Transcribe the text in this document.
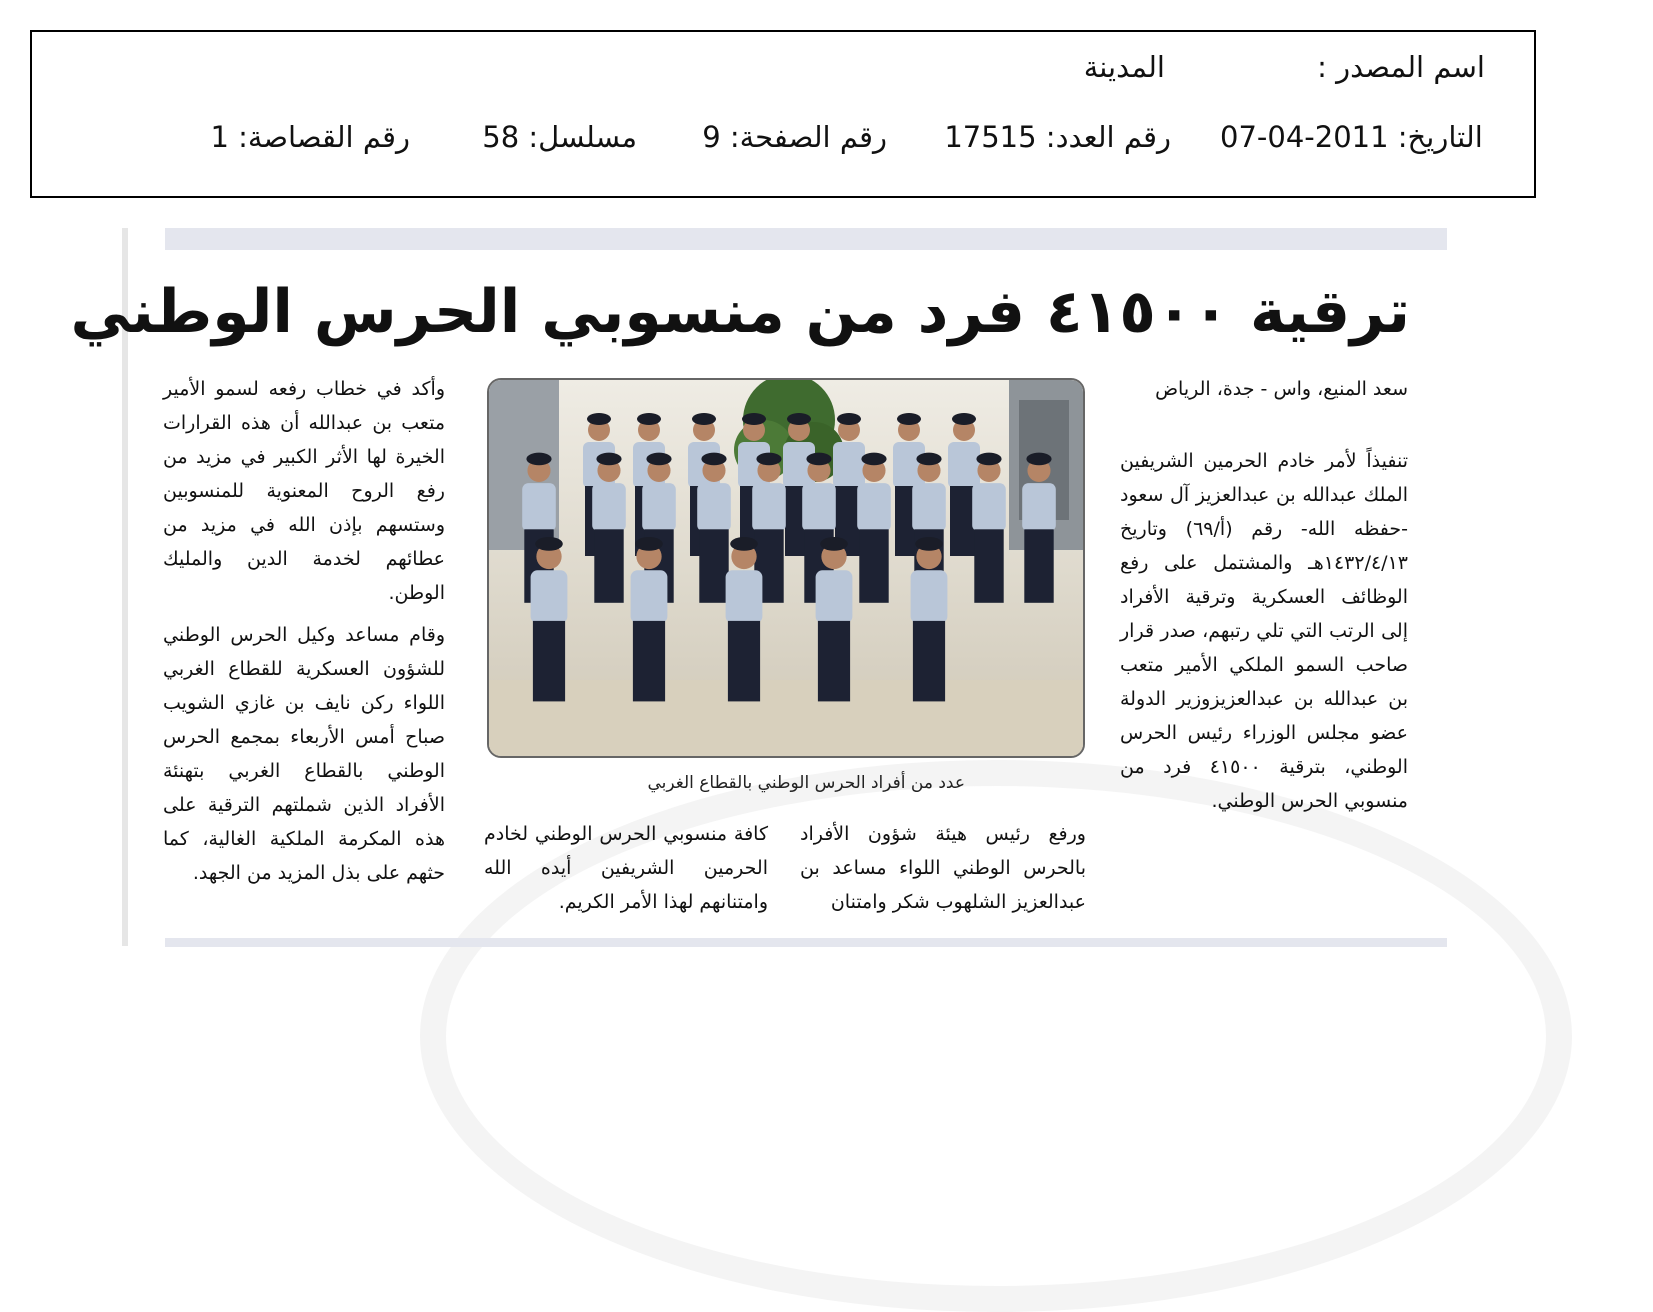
اسم المصدر :
المدينة
التاريخ: 2011-04-07
رقم العدد: 17515
رقم الصفحة: 9
مسلسل: 58
رقم القصاصة: 1
ترقية ٤١٥٠٠ فرد من منسوبي الحرس الوطني

سعد المنيع، واس - جدة، الرياض

تنفيذاً لأمر خادم الحرمين الشريفين الملك عبدالله بن عبدالعزيز آل سعود -حفظه الله- رقم (أ/٦٩) وتاريخ ١٤٣٢/٤/١٣هـ والمشتمل على رفع الوظائف العسكرية وترقية الأفراد إلى الرتب التي تلي رتبهم، صدر قرار صاحب السمو الملكي الأمير متعب بن عبدالله بن عبدالعزيزوزير الدولة عضو مجلس الوزراء رئيس الحرس الوطني، بترقية ٤١٥٠٠ فرد من منسوبي الحرس الوطني.

عدد من أفراد الحرس الوطني بالقطاع الغربي

ورفع رئيس هيئة شؤون الأفراد بالحرس الوطني اللواء مساعد بن عبدالعزيز الشلهوب شكر وامتنان

كافة منسوبي الحرس الوطني لخادم الحرمين الشريفين أيده الله وامتنانهم لهذا الأمر الكريم.

وأكد في خطاب رفعه لسمو الأمير متعب بن عبدالله أن هذه القرارات الخيرة لها الأثر الكبير في مزيد من رفع الروح المعنوية للمنسوبين وستسهم بإذن الله في مزيد من عطائهم لخدمة الدين والمليك الوطن.

وقام مساعد وكيل الحرس الوطني للشؤون العسكرية للقطاع الغربي اللواء ركن نايف بن غازي الشويب صباح أمس الأربعاء بمجمع الحرس الوطني بالقطاع الغربي بتهنئة الأفراد الذين شملتهم الترقية على هذه المكرمة الملكية الغالية، كما حثهم على بذل المزيد من الجهد.
